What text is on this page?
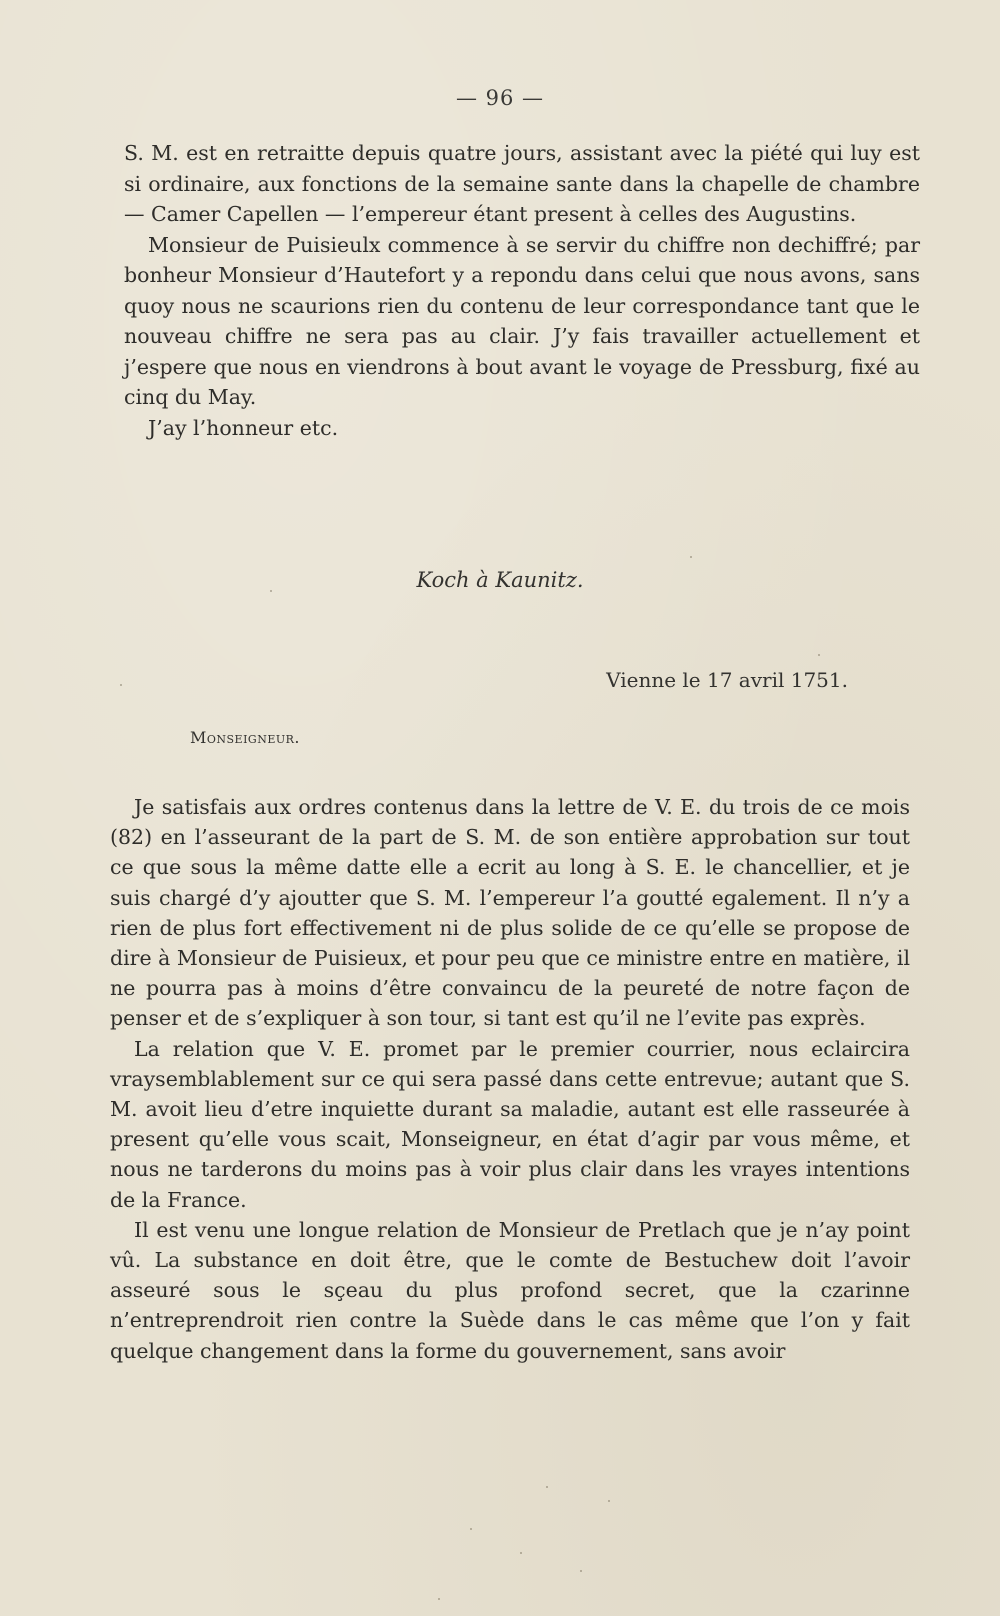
— 96 —

S. M. est en retraitte depuis quatre jours, assistant avec la piété qui luy est si ordinaire, aux fonctions de la semaine sante dans la chapelle de chambre — Camer Capellen — l’empereur étant present à celles des Augustins.

Monsieur de Puisieulx commence à se servir du chiffre non dechiffré; par bonheur Monsieur d’Hautefort y a repondu dans celui que nous avons, sans quoy nous ne scaurions rien du contenu de leur correspondance tant que le nouveau chiffre ne sera pas au clair. J’y fais travailler actuellement et j’espere que nous en viendrons à bout avant le voyage de Pressburg, fixé au cinq du May.

J’ay l’honneur etc.

Koch à Kaunitz.

Vienne le 17 avril 1751.

Monseigneur.

Je satisfais aux ordres contenus dans la lettre de V. E. du trois de ce mois (82) en l’asseurant de la part de S. M. de son entière approbation sur tout ce que sous la même datte elle a ecrit au long à S. E. le chancellier, et je suis chargé d’y ajoutter que S. M. l’empereur l’a goutté egalement. Il n’y a rien de plus fort effectivement ni de plus solide de ce qu’elle se propose de dire à Monsieur de Puisieux, et pour peu que ce ministre entre en matière, il ne pourra pas à moins d’être convaincu de la peureté de notre façon de penser et de s’expliquer à son tour, si tant est qu’il ne l’evite pas exprès.

La relation que V. E. promet par le premier courrier, nous eclaircira vraysemblablement sur ce qui sera passé dans cette entrevue; autant que S. M. avoit lieu d’etre inquiette durant sa maladie, autant est elle rasseurée à present qu’elle vous scait, Monseigneur, en état d’agir par vous même, et nous ne tarderons du moins pas à voir plus clair dans les vrayes intentions de la France.

Il est venu une longue relation de Monsieur de Pretlach que je n’ay point vû. La substance en doit être, que le comte de Bestuchew doit l’avoir asseuré sous le sçeau du plus profond secret, que la czarinne n’entreprendroit rien contre la Suède dans le cas même que l’on y fait quelque changement dans la forme du gouvernement, sans avoir
